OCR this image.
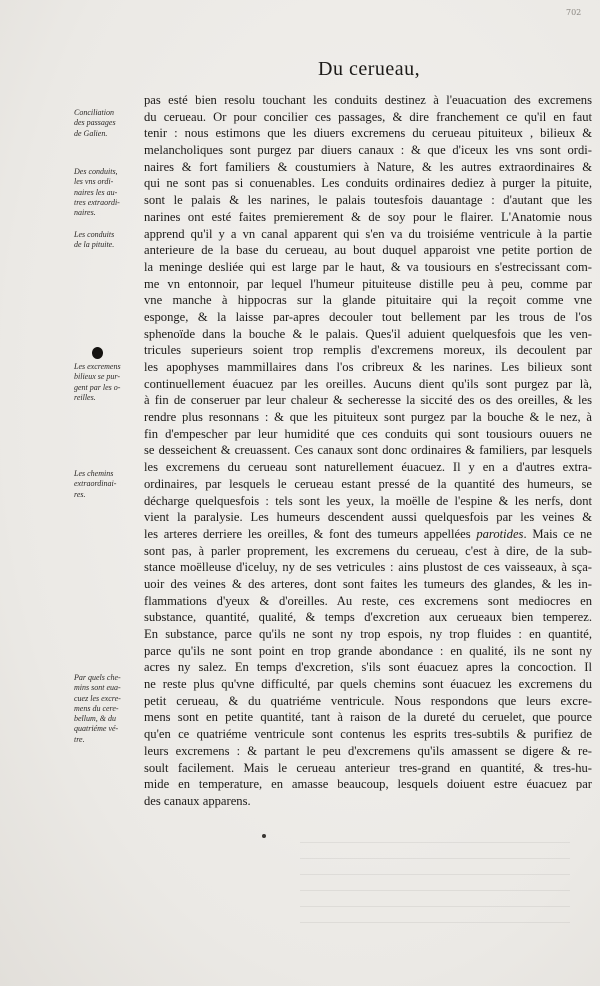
702
Du cerueau,
Conciliation
des passages
de Galien.
Des conduits,
les vns ordi-
naires les au-
tres extraordi-
naires.
Les conduits
de la pituite.
Les excremens
bilieux se pur-
gent par les o-
reilles.
Les chemins
extraordinai-
res.
Par quels che-
mins sont eua-
cuez les excre-
mens du cere-
bellum, & du
quatriéme vé-
tre.
pas esté bien resolu touchant les conduits destinez à l'euacuation des excremens
du cerueau. Or pour concilier ces passages, & dire franchement ce qu'il en faut
tenir : nous estimons que les diuers excremens du cerueau pituiteux , bilieux &
melancholiques sont purgez par diuers canaux : & que d'iceux les vns sont ordi-
naires & fort familiers & coustumiers à Nature, & les autres extraordinaires &
qui ne sont pas si conuenables. Les conduits ordinaires dediez à purger la pituite,
sont le palais & les narines, le palais toutesfois dauantage : d'autant que les
narines ont esté faites premierement & de soy pour le flairer. L'Anatomie nous
apprend qu'il y a vn canal apparent qui s'en va du troisiéme ventricule à la partie
anterieure de la base du cerueau, au bout duquel apparoist vne petite portion de
la meninge desliée qui est large par le haut, & va tousiours en s'estrecissant com-
me vn entonnoir, par lequel l'humeur pituiteuse distille peu à peu, comme par
vne manche à hippocras sur la glande pituitaire qui la reçoit comme vne
esponge, & la laisse par-apres decouler tout bellement par les trous de l'os
sphenoïde dans la bouche & le palais. Ques'il aduient quelquesfois que les ven-
tricules superieurs soient trop remplis d'excremens moreux, ils decoulent par
les apophyses mammillaires dans l'os cribreux & les narines. Les bilieux sont
continuellement éuacuez par les oreilles. Aucuns dient qu'ils sont purgez par là,
à fin de conseruer par leur chaleur & secheresse la siccité des os des oreilles, & les
rendre plus resonnans : & que les pituiteux sont purgez par la bouche & le nez, à
fin d'empescher par leur humidité que ces conduits qui sont tousiours ouuers ne
se desseichent & creuassent. Ces canaux sont donc ordinaires & familiers, par lesquels
les excremens du cerueau sont naturellement éuacuez. Il y en a d'autres extra-
ordinaires, par lesquels le cerueau estant pressé de la quantité des humeurs, se
décharge quelquesfois : tels sont les yeux, la moëlle de l'espine & les nerfs, dont
vient la paralysie. Les humeurs descendent aussi quelquesfois par les veines &
les arteres derriere les oreilles, & font des tumeurs appellées parotides. Mais ce ne
sont pas, à parler proprement, les excremens du cerueau, c'est à dire, de la sub-
stance moëlleuse d'iceluy, ny de ses vetricules : ains plustost de ces vaisseaux, à sça-
uoir des veines & des arteres, dont sont faites les tumeurs des glandes, & les in-
flammations d'yeux & d'oreilles. Au reste, ces excremens sont mediocres en
substance, quantité, qualité, & temps d'excretion aux cerueaux bien temperez.
En substance, parce qu'ils ne sont ny trop espois, ny trop fluides : en quantité,
parce qu'ils ne sont point en trop grande abondance : en qualité, ils ne sont ny
acres ny salez. En temps d'excretion, s'ils sont éuacuez apres la concoction. Il
ne reste plus qu'vne difficulté, par quels chemins sont éuacuez les excremens du
petit cerueau, & du quatriéme ventricule. Nous respondons que leurs excre-
mens sont en petite quantité, tant à raison de la dureté du ceruelet, que pource
qu'en ce quatriéme ventricule sont contenus les esprits tres-subtils & purifiez de
leurs excremens : & partant le peu d'excremens qu'ils amassent se digere & re-
soult facilement. Mais le cerueau anterieur tres-grand en quantité, & tres-hu-
mide en temperature, en amasse beaucoup, lesquels doiuent estre éuacuez par
des canaux apparens.
